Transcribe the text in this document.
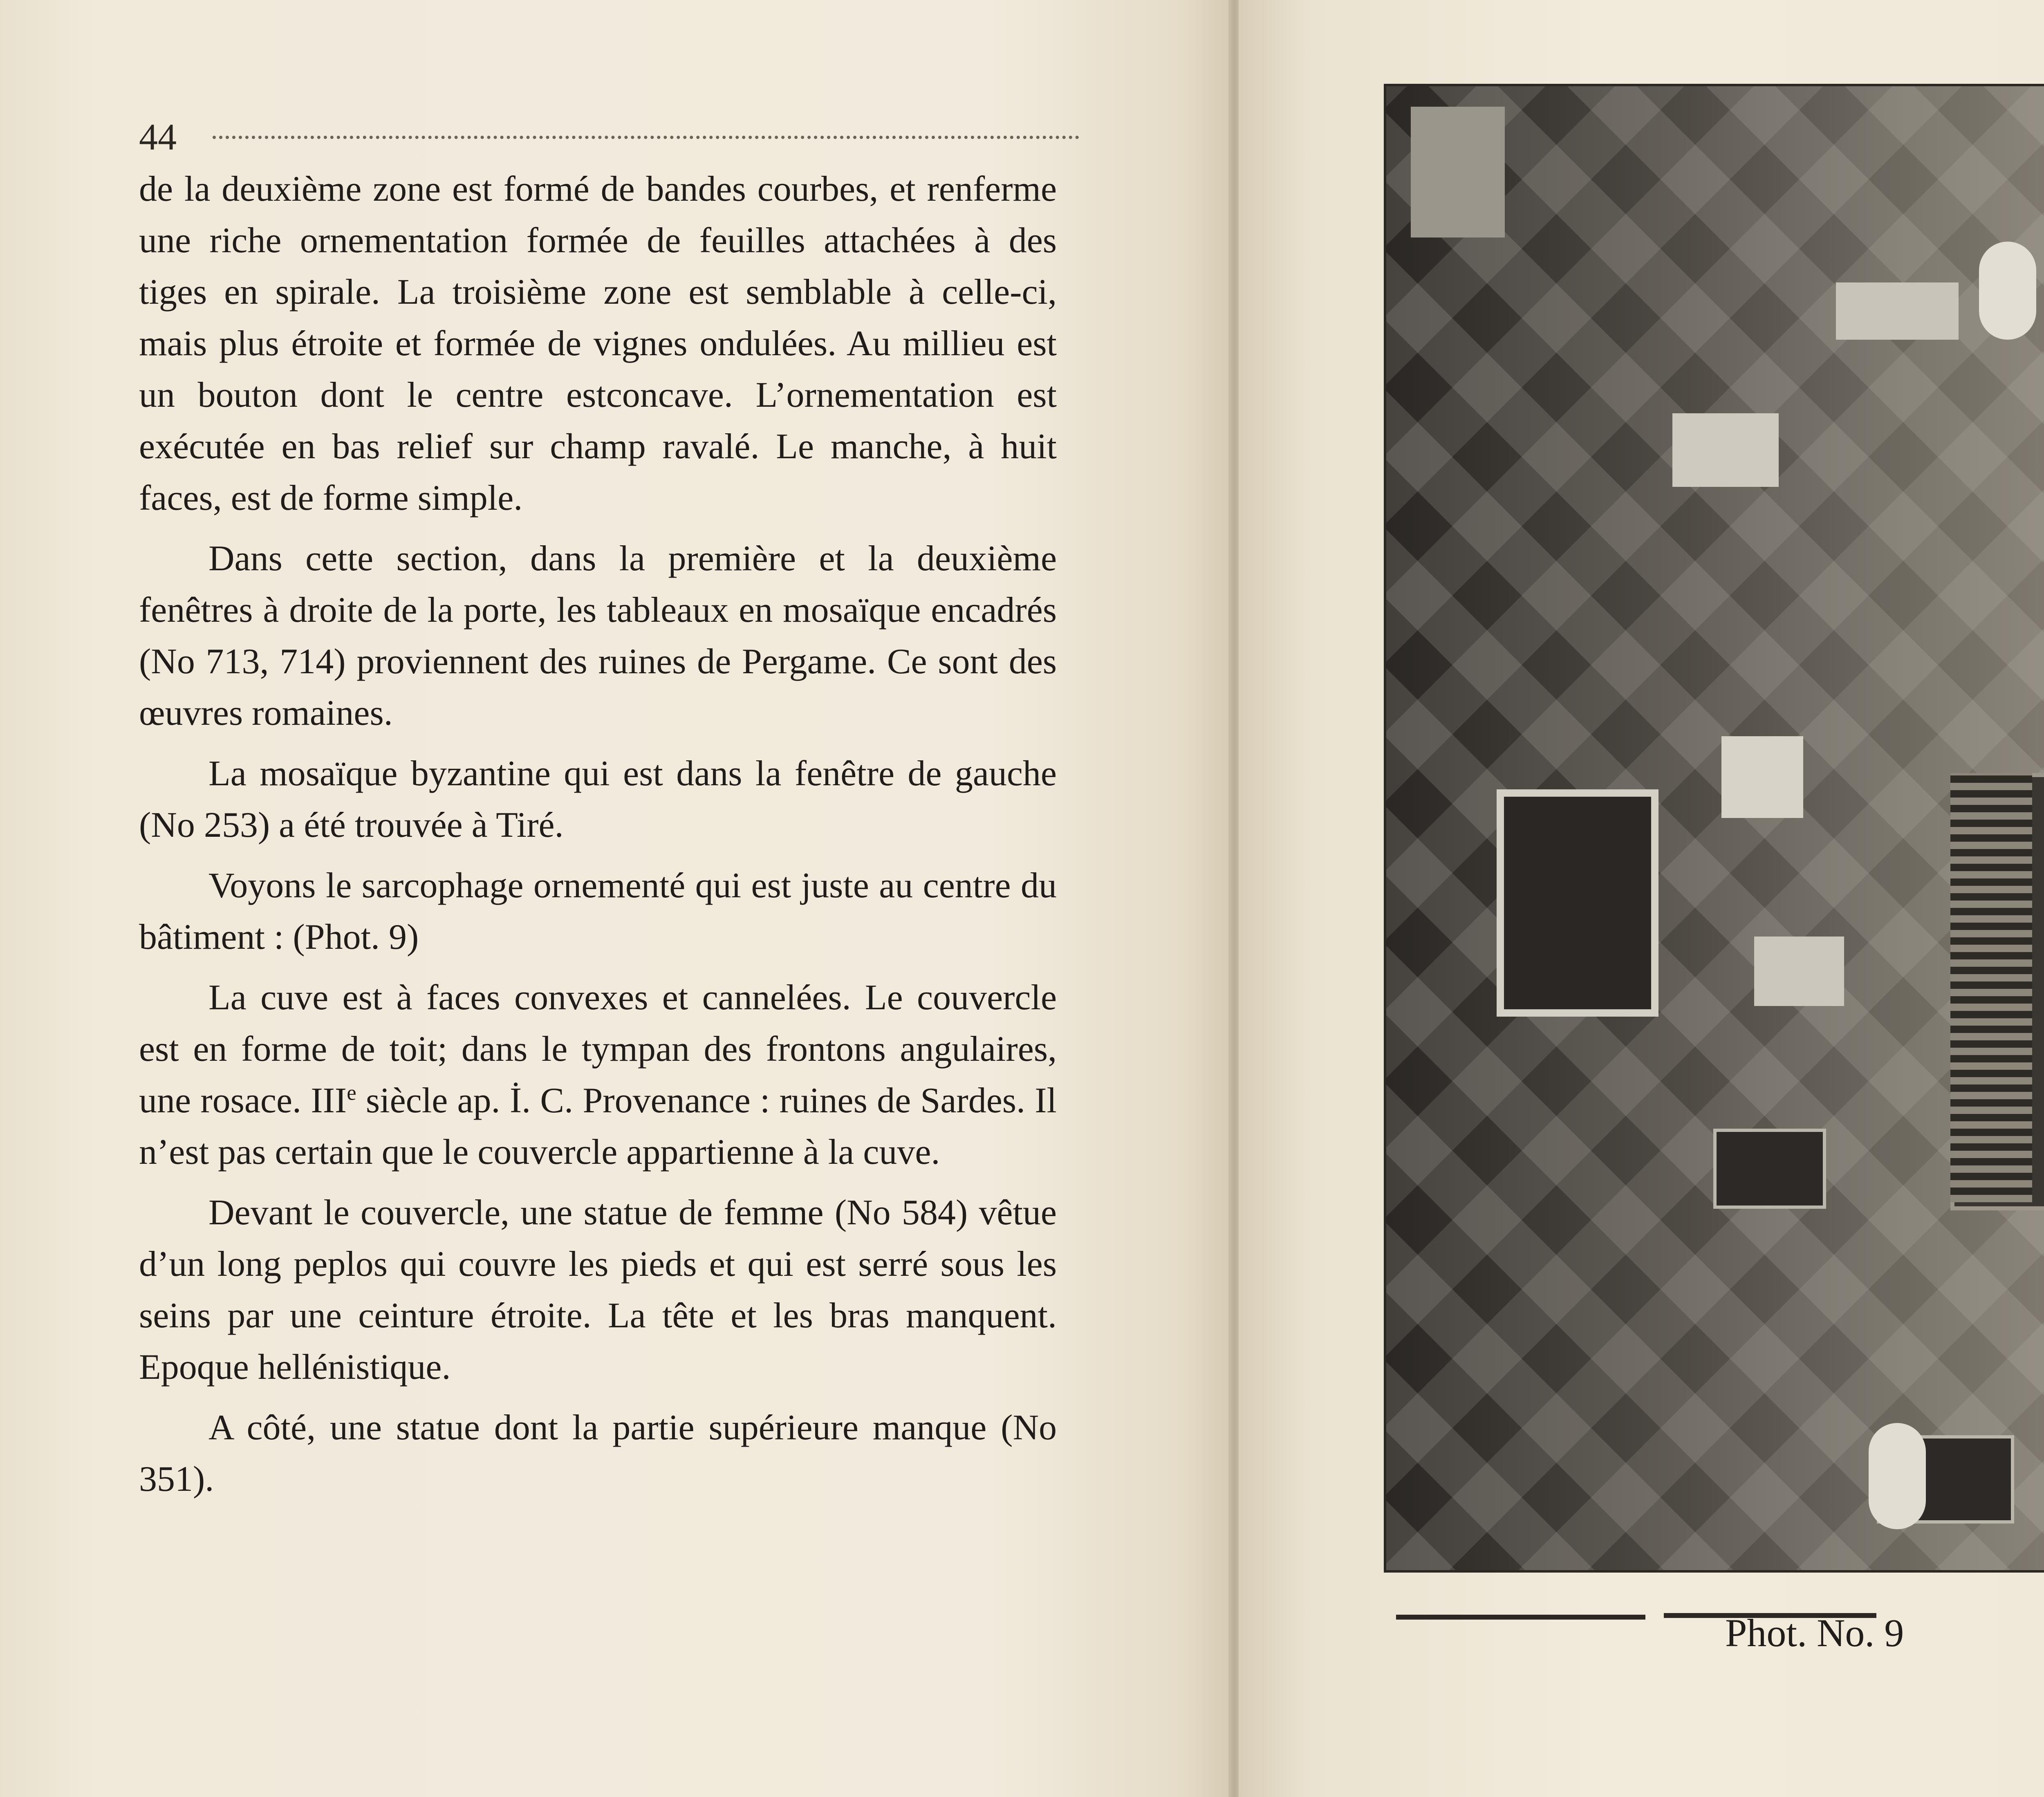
44

de la deuxième zone est formé de bandes courbes, et renferme une riche ornementation formée de feuilles attachées à des tiges en spirale. La troisième zone est semblable à celle-ci, mais plus étroite et formée de vignes ondulées. Au millieu est un bouton dont le centre estconcave. L’ornementation est exécutée en bas relief sur champ ravalé. Le manche, à huit faces, est de forme simple.

Dans cette section, dans la première et la deuxième fenêtres à droite de la porte, les tableaux en mosaïque encadrés (No 713, 714) proviennent des ruines de Pergame. Ce sont des œuvres romaines.

La mosaïque byzantine qui est dans la fenêtre de gauche (No 253) a été trouvée à Tiré.

Voyons le sarcophage ornementé qui est juste au centre du bâtiment : (Phot. 9)

La cuve est à faces convexes et cannelées. Le couvercle est en forme de toit; dans le tympan des frontons angulaires, une rosace. IIIe siècle ap. İ. C. Provenance : ruines de Sardes. Il n’est pas certain que le couvercle appartienne à la cuve.

Devant le couvercle, une statue de femme (No 584) vêtue d’un long peplos qui couvre les pieds et qui est serré sous les seins par une ceinture étroite. La tête et les bras manquent. Epoque hellénistique.

A côté, une statue dont la partie supérieure manque (No 351).

Phot. No. 9
